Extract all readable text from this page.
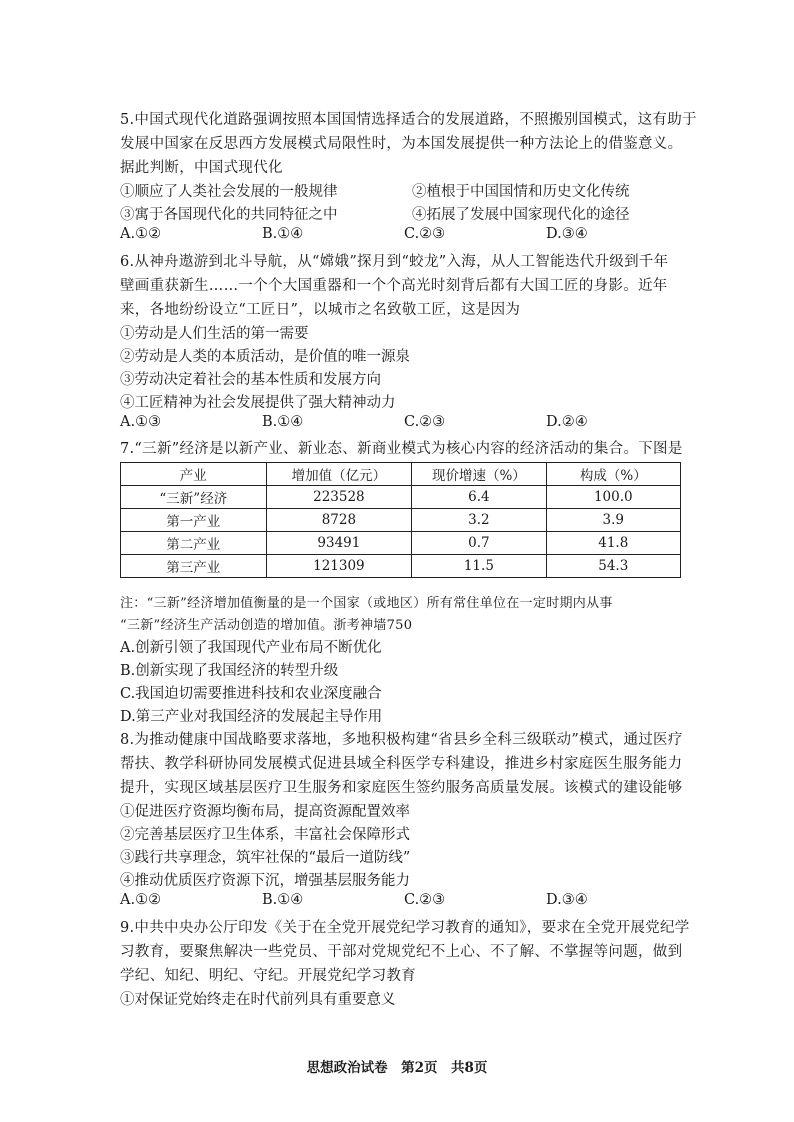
5.中国式现代化道路强调按照本国国情选择适合的发展道路，不照搬别国模式，这有助于
发展中国家在反思西方发展模式局限性时，为本国发展提供一种方法论上的借鉴意义。
据此判断，中国式现代化
①顺应了人类社会发展的一般规律	②植根于中国国情和历史文化传统
③寓于各国现代化的共同特征之中	④拓展了发展中国家现代化的途径
A.①②	B.①④	C.②③	D.③④
6.从神舟遨游到北斗导航，从“嫦娥”探月到“蛟龙”入海，从人工智能迭代升级到千年
壁画重获新生……一个个大国重器和一个个高光时刻背后都有大国工匠的身影。近年
来，各地纷纷设立“工匠日”，以城市之名致敬工匠，这是因为
①劳动是人们生活的第一需要
②劳动是人类的本质活动，是价值的唯一源泉
③劳动决定着社会的基本性质和发展方向
④工匠精神为社会发展提供了强大精神动力
A.①③	B.①④	C.②③	D.②④
7.“三新”经济是以新产业、新业态、新商业模式为核心内容的经济活动的集合。下图是
产业	增加值（亿元）	现价增速（%）	构成（%）
“三新”经济	223528	6.4	100.0
第一产业	8728	3.2	3.9
第二产业	93491	0.7	41.8
第三产业	121309	11.5	54.3
注：“三新”经济增加值衡量的是一个国家（或地区）所有常住单位在一定时期内从事
“三新”经济生产活动创造的增加值。浙考神墙750
A.创新引领了我国现代产业布局不断优化
B.创新实现了我国经济的转型升级
C.我国迫切需要推进科技和农业深度融合
D.第三产业对我国经济的发展起主导作用
8.为推动健康中国战略要求落地，多地积极构建“省县乡全科三级联动”模式，通过医疗
帮扶、教学科研协同发展模式促进县域全科医学专科建设，推进乡村家庭医生服务能力
提升，实现区域基层医疗卫生服务和家庭医生签约服务高质量发展。该模式的建设能够
①促进医疗资源均衡布局，提高资源配置效率
②完善基层医疗卫生体系，丰富社会保障形式
③践行共享理念，筑牢社保的“最后一道防线”
④推动优质医疗资源下沉，增强基层服务能力
A.①②	B.①④	C.②③	D.③④
9.中共中央办公厅印发《关于在全党开展党纪学习教育的通知》，要求在全党开展党纪学
习教育，要聚焦解决一些党员、干部对党规党纪不上心、不了解、不掌握等问题，做到
学纪、知纪、明纪、守纪。开展党纪学习教育
①对保证党始终走在时代前列具有重要意义
思想政治试卷　第2页　共8页
